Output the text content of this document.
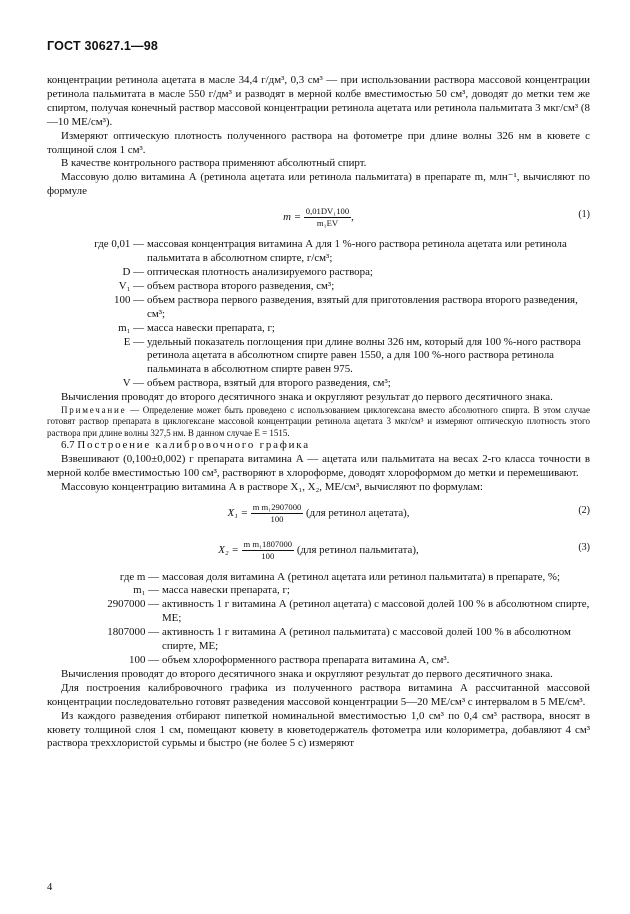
ГОСТ 30627.1—98

концентрации ретинола ацетата в масле 34,4 г/дм³, 0,3 см³ — при использовании раствора массовой концентрации ретинола пальмитата в масле 550 г/дм³ и разводят в мерной колбе вместимостью 50 см³, доводят до метки тем же спиртом, получая конечный раствор массовой концентрации ретинола ацетата или ретинола пальмитата 3 мкг/см³ (8—10 МЕ/см³).

Измеряют оптическую плотность полученного раствора на фотометре при длине волны 326 нм в кювете с толщиной слоя 1 см³.

В качестве контрольного раствора применяют абсолютный спирт.

Массовую долю витамина А (ретинола ацетата или ретинола пальмитата) в препарате m, млн⁻¹, вычисляют по формуле

$m = \frac{\text{0,01DV₁100}}{\text{m₁EV}}$ ,	(1)
где 0,01 — массовая концентрация витамина А для 1 %-ного раствора ретинола ацетата или ретинола пальмитата в абсолютном спирте, г/см³;
D — оптическая плотность анализируемого раствора;
V₁ — объем раствора второго разведения, см³;
100 — объем раствора первого разведения, взятый для приготовления раствора второго разведения, см³;
m₁ — масса навески препарата, г;
E — удельный показатель поглощения при длине волны 326 нм, который для 100 %-ного раствора ретинола ацетата в абсолютном спирте равен 1550, а для 100 %-ного раствора ретинола пальмината в абсолютном спирте равен 975.
V — объем раствора, взятый для второго разведения, см³;

Вычисления проводят до второго десятичного знака и округляют результат до первого десятичного знака.

Примечание — Определение может быть проведено с использованием циклогексана вместо абсолютного спирта. В этом случае готовят раствор препарата в циклогексане массовой концентрации ретинола ацетата 3 мкг/см³ и измеряют оптическую плотность этого раствора при длине волны 327,5 нм. В данном случае E = 1515.

6.7 Построение калибровочного графика

Взвешивают (0,100±0,002) г препарата витамина А — ацетата или пальмитата на весах 2-го класса точности в мерной колбе вместимостью 100 см³, растворяют в хлороформе, доводят хлороформом до метки и перемешивают.

Массовую концентрацию витамина А в растворе X₁, X₂, МЕ/см³, вычисляют по формулам:

$X_1 = \frac{\text{m m₁2907000}}{100} (для$ ретинол ацетата),	(2)
$X_2 = \frac{\text{m m₁1807000}}{100} (для$ ретинол пальмитата),	(3)
где m — массовая доля витамина А (ретинол ацетата или ретинол пальмитата) в препарате, %;
m₁ — масса навески препарата, г;
2907000 — активность 1 г витамина А (ретинол ацетата) с массовой долей 100 % в абсолютном спирте, МЕ;
1807000 — активность 1 г витамина А (ретинол пальмитата) с массовой долей 100 % в абсолютном спирте, МЕ;
100 — объем хлороформенного раствора препарата витамина А, см³.

Вычисления проводят до второго десятичного знака и округляют результат до первого десятичного знака.

Для построения калибровочного графика из полученного раствора витамина А рассчитанной массовой концентрации последовательно готовят разведения массовой концентрации 5—20 МЕ/см³ с интервалом в 5 МЕ/см³.

Из каждого разведения отбирают пипеткой номинальной вместимостью 1,0 см³ по 0,4 см³ раствора, вносят в кювету толщиной слоя 1 см, помещают кювету в кюветодержатель фотометра или колориметра, добавляют 4 см³ раствора треххлористой сурьмы и быстро (не более 5 с) измеряют

4
